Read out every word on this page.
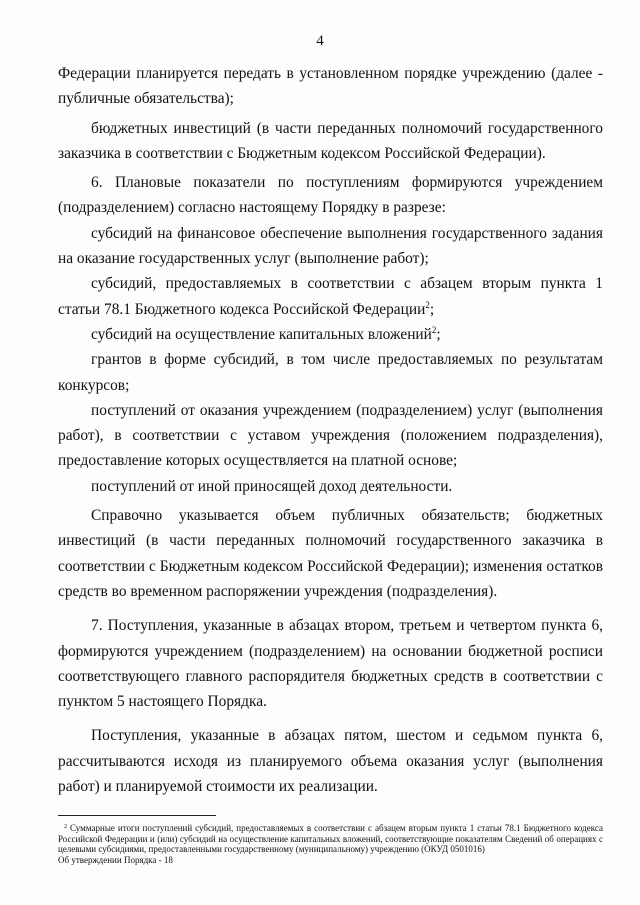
4

Федерации планируется передать в установленном порядке учреждению (далее - публичные обязательства);

бюджетных инвестиций (в части переданных полномочий государственного заказчика в соответствии с Бюджетным кодексом Российской Федерации).

6. Плановые показатели по поступлениям формируются учреждением (подразделением) согласно настоящему Порядку в разрезе:

субсидий на финансовое обеспечение выполнения государственного задания на оказание государственных услуг (выполнение работ);

субсидий, предоставляемых в соответствии с абзацем вторым пункта 1 статьи 78.1 Бюджетного кодекса Российской Федерации$^2$;

субсидий на осуществление капитальных вложений$^2$;

грантов в форме субсидий, в том числе предоставляемых по результатам конкурсов;

поступлений от оказания учреждением (подразделением) услуг (выполнения работ), в соответствии с уставом учреждения (положением подразделения), предоставление которых осуществляется на платной основе;

поступлений от иной приносящей доход деятельности.

Справочно указывается объем публичных обязательств; бюджетных инвестиций (в части переданных полномочий государственного заказчика в соответствии с Бюджетным кодексом Российской Федерации); изменения остатков средств во временном распоряжении учреждения (подразделения).

7. Поступления, указанные в абзацах втором, третьем и четвертом пункта 6, формируются учреждением (подразделением) на основании бюджетной росписи соответствующего главного распорядителя бюджетных средств в соответствии с пунктом 5 настоящего Порядка.

Поступления, указанные в абзацах пятом, шестом и седьмом пункта 6, рассчитываются исходя из планируемого объема оказания услуг (выполнения работ) и планируемой стоимости их реализации.

$^2$ Суммарные итоги поступлений субсидий, предоставляемых в соответствии с абзацем вторым пункта 1 статьи 78.1 Бюджетного кодекса Российской Федерации и (или) субсидий на осуществление капитальных вложений, соответствующие показателям Сведений об операциях с целевыми субсидиями, предоставленными государственному (муниципальному) учреждению (ОКУД 0501016)

Об утверждении Порядка - 18
